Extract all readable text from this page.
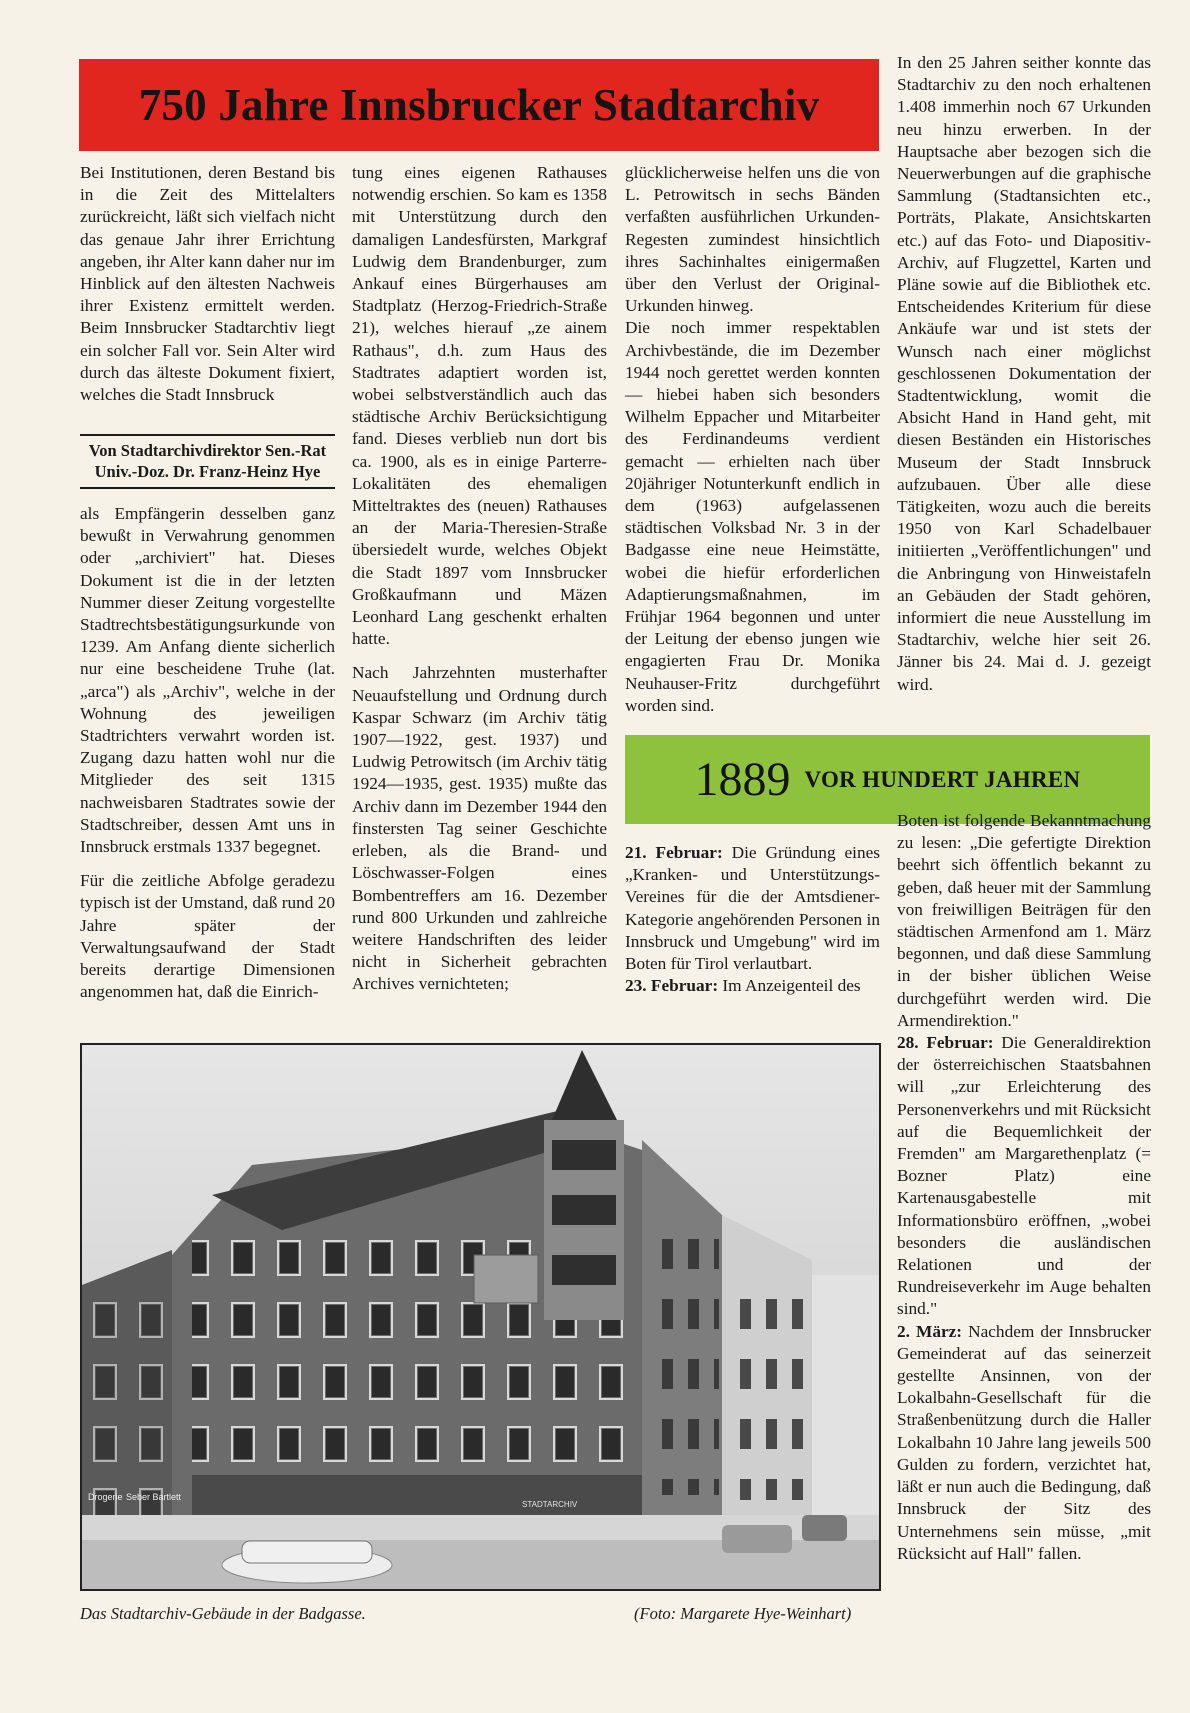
750 Jahre Innsbrucker Stadtarchiv

Bei Institutionen, deren Bestand bis in die Zeit des Mittelalters zurückreicht, läßt sich vielfach nicht das genaue Jahr ihrer Errichtung angeben, ihr Alter kann daher nur im Hinblick auf den ältesten Nachweis ihrer Existenz ermittelt werden. Beim Innsbrucker Stadtarchtiv liegt ein solcher Fall vor. Sein Alter wird durch das älteste Dokument fixiert, welches die Stadt Innsbruck

Von Stadtarchivdirektor Sen.-Rat
Univ.-Doz. Dr. Franz-Heinz Hye

als Empfängerin desselben ganz bewußt in Verwahrung genommen oder „archiviert" hat. Dieses Dokument ist die in der letzten Nummer dieser Zeitung vorgestellte Stadtrechtsbestätigungsurkunde von 1239. Am Anfang diente sicherlich nur eine bescheidene Truhe (lat. „arca") als „Archiv", welche in der Wohnung des jeweiligen Stadtrichters verwahrt worden ist. Zugang dazu hatten wohl nur die Mitglieder des seit 1315 nachweisbaren Stadtrates sowie der Stadtschreiber, dessen Amt uns in Innsbruck erstmals 1337 begegnet.

Für die zeitliche Abfolge geradezu typisch ist der Umstand, daß rund 20 Jahre später der Verwaltungsaufwand der Stadt bereits derartige Dimensionen angenommen hat, daß die Einrich-

tung eines eigenen Rathauses notwendig erschien. So kam es 1358 mit Unterstützung durch den damaligen Landesfürsten, Markgraf Ludwig dem Brandenburger, zum Ankauf eines Bürgerhauses am Stadtplatz (Herzog-Friedrich-Straße 21), welches hierauf „ze ainem Rathaus", d.h. zum Haus des Stadtrates adaptiert worden ist, wobei selbstverständlich auch das städtische Archiv Berücksichtigung fand. Dieses verblieb nun dort bis ca. 1900, als es in einige Parterre-Lokalitäten des ehemaligen Mitteltraktes des (neuen) Rathauses an der Maria-Theresien-Straße übersiedelt wurde, welches Objekt die Stadt 1897 vom Innsbrucker Großkaufmann und Mäzen Leonhard Lang geschenkt erhalten hatte.

Nach Jahrzehnten musterhafter Neuaufstellung und Ordnung durch Kaspar Schwarz (im Archiv tätig 1907—1922, gest. 1937) und Ludwig Petrowitsch (im Archiv tätig 1924—1935, gest. 1935) mußte das Archiv dann im Dezember 1944 den finstersten Tag seiner Geschichte erleben, als die Brand- und Löschwasser-Folgen eines Bombentreffers am 16. Dezember rund 800 Urkunden und zahlreiche weitere Handschriften des leider nicht in Sicherheit gebrachten Archives vernichteten;

glücklicherweise helfen uns die von L. Petrowitsch in sechs Bänden verfaßten ausführlichen Urkunden-Regesten zumindest hinsichtlich ihres Sachinhaltes einigermaßen über den Verlust der Original-Urkunden hinweg.

Die noch immer respektablen Archivbestände, die im Dezember 1944 noch gerettet werden konnten — hiebei haben sich besonders Wilhelm Eppacher und Mitarbeiter des Ferdinandeums verdient gemacht — erhielten nach über 20jähriger Notunterkunft endlich in dem (1963) aufgelassenen städtischen Volksbad Nr. 3 in der Badgasse eine neue Heimstätte, wobei die hiefür erforderlichen Adaptierungsmaßnahmen, im Frühjar 1964 begonnen und unter der Leitung der ebenso jungen wie engagierten Frau Dr. Monika Neuhauser-Fritz durchgeführt worden sind.

In den 25 Jahren seither konnte das Stadtarchiv zu den noch erhaltenen 1.408 immerhin noch 67 Urkunden neu hinzu erwerben. In der Hauptsache aber bezogen sich die Neuerwerbungen auf die graphische Sammlung (Stadtansichten etc., Porträts, Plakate, Ansichtskarten etc.) auf das Foto- und Diapositiv-Archiv, auf Flugzettel, Karten und Pläne sowie auf die Bibliothek etc. Entscheidendes Kriterium für diese Ankäufe war und ist stets der Wunsch nach einer möglichst geschlossenen Dokumentation der Stadtentwicklung, womit die Absicht Hand in Hand geht, mit diesen Beständen ein Historisches Museum der Stadt Innsbruck aufzubauen. Über alle diese Tätigkeiten, wozu auch die bereits 1950 von Karl Schadelbauer initiierten „Veröffentlichungen" und die Anbringung von Hinweistafeln an Gebäuden der Stadt gehören, informiert die neue Ausstellung im Stadtarchiv, welche hier seit 26. Jänner bis 24. Mai d. J. gezeigt wird.

1889 VOR HUNDERT JAHREN

21. Februar: Die Gründung eines „Kranken- und Unterstützungs-Vereines für die der Amtsdiener-Kategorie angehörenden Personen in Innsbruck und Umgebung" wird im Boten für Tirol verlautbart.

23. Februar: Im Anzeigenteil des

Boten ist folgende Bekanntmachung zu lesen: „Die gefertigte Direktion beehrt sich öffentlich bekannt zu geben, daß heuer mit der Sammlung von freiwilligen Beiträgen für den städtischen Armenfond am 1. März begonnen, und daß diese Sammlung in der bisher üblichen Weise durchgeführt werden wird. Die Armendirektion."

28. Februar: Die Generaldirektion der österreichischen Staatsbahnen will „zur Erleichterung des Personenverkehrs und mit Rücksicht auf die Bequemlichkeit der Fremden" am Margarethenplatz (= Bozner Platz) eine Kartenausgabestelle mit Informationsbüro eröffnen, „wobei besonders die ausländischen Relationen und der Rundreiseverkehr im Auge behalten sind."

2. März: Nachdem der Innsbrucker Gemeinderat auf das seinerzeit gestellte Ansinnen, von der Lokalbahn-Gesellschaft für die Straßenbenützung durch die Haller Lokalbahn 10 Jahre lang jeweils 500 Gulden zu fordern, verzichtet hat, läßt er nun auch die Bedingung, daß Innsbruck der Sitz des Unternehmens sein müsse, „mit Rücksicht auf Hall" fallen.

Drogerie Seber Bartlett
STADTARCHIV
Das Stadtarchiv-Gebäude in der Badgasse.	(Foto: Margarete Hye-Weinhart)
